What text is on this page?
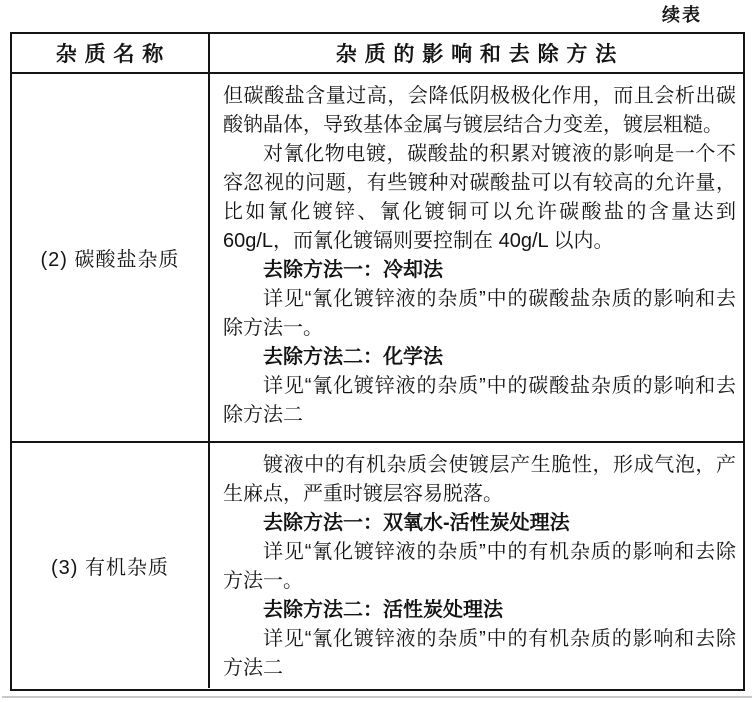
续表
杂 质 名 称	杂 质 的 影 响 和 去 除 方 法
(2) 碳酸盐杂质

但碳酸盐含量过高，会降低阴极极化作用，而且会析出碳酸钠晶体，导致基体金属与镀层结合力变差，镀层粗糙。

对氰化物电镀，碳酸盐的积累对镀液的影响是一个不容忽视的问题，有些镀种对碳酸盐可以有较高的允许量，比如氰化镀锌、氰化镀铜可以允许碳酸盐的含量达到 60g/L，而氰化镀镉则要控制在 40g/L 以内。

去除方法一：冷却法

详见“氰化镀锌液的杂质”中的碳酸盐杂质的影响和去除方法一。

去除方法二：化学法

详见“氰化镀锌液的杂质”中的碳酸盐杂质的影响和去除方法二

(3) 有机杂质

镀液中的有机杂质会使镀层产生脆性，形成气泡，产生麻点，严重时镀层容易脱落。

去除方法一：双氧水-活性炭处理法

详见“氰化镀锌液的杂质”中的有机杂质的影响和去除方法一。

去除方法二：活性炭处理法

详见“氰化镀锌液的杂质”中的有机杂质的影响和去除方法二
